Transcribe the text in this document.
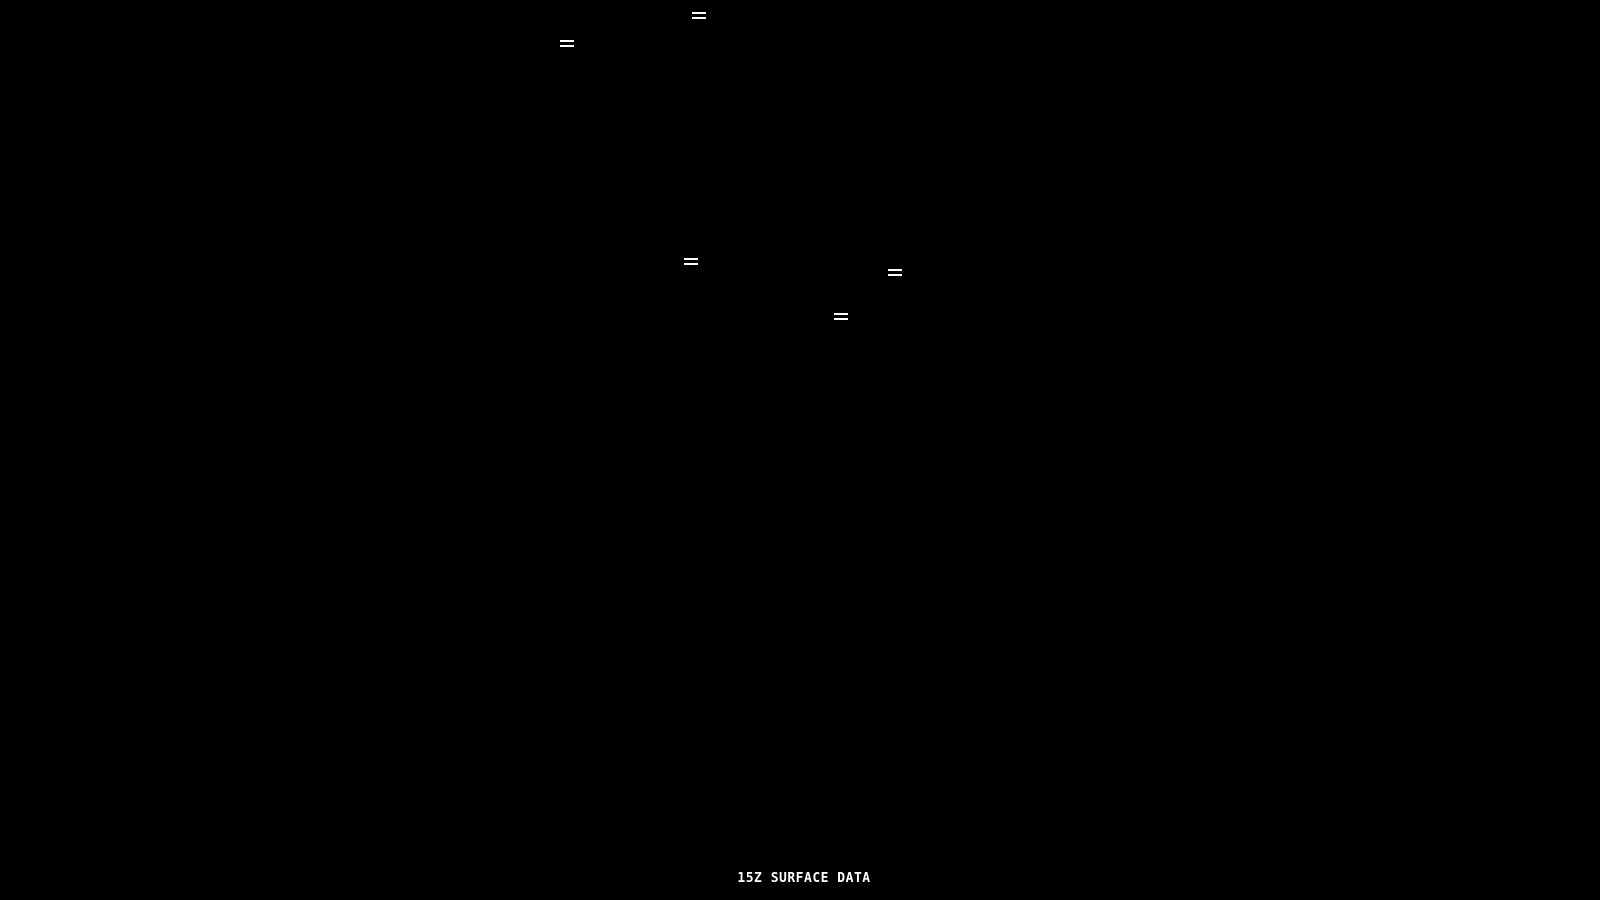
15Z SURFACE DATA
